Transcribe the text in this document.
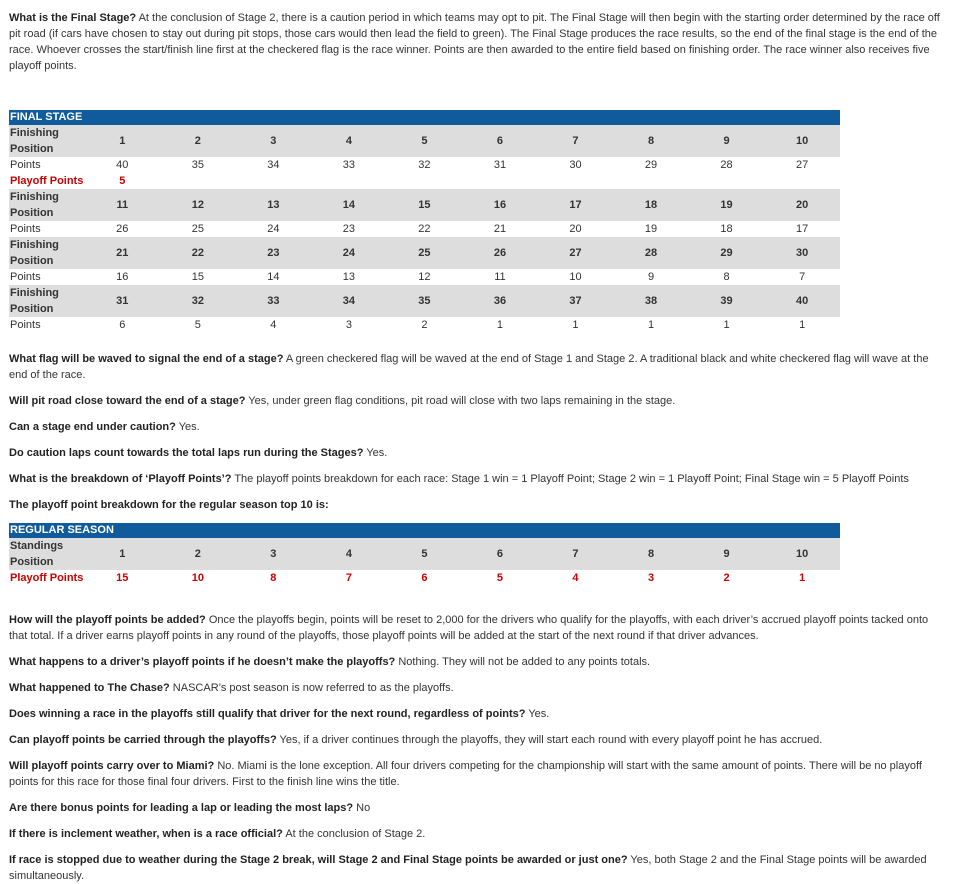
What is the Final Stage? At the conclusion of Stage 2, there is a caution period in which teams may opt to pit. The Final Stage will then begin with the starting order determined by the race off pit road (if cars have chosen to stay out during pit stops, those cars would then lead the field to green). The Final Stage produces the race results, so the end of the final stage is the end of the race. Whoever crosses the start/finish line first at the checkered flag is the race winner. Points are then awarded to the entire field based on finishing order. The race winner also receives five playoff points.

FINAL STAGE										
Finishing Position	1	2	3	4	5	6	7	8	9	10
Points	40	35	34	33	32	31	30	29	28	27
Playoff Points	5									
Finishing Position	11	12	13	14	15	16	17	18	19	20
Points	26	25	24	23	22	21	20	19	18	17
Finishing Position	21	22	23	24	25	26	27	28	29	30
Points	16	15	14	13	12	11	10	9	8	7
Finishing Position	31	32	33	34	35	36	37	38	39	40
Points	6	5	4	3	2	1	1	1	1	1

What flag will be waved to signal the end of a stage? A green checkered flag will be waved at the end of Stage 1 and Stage 2. A traditional black and white checkered flag will wave at the end of the race.

Will pit road close toward the end of a stage? Yes, under green flag conditions, pit road will close with two laps remaining in the stage.

Can a stage end under caution? Yes.

Do caution laps count towards the total laps run during the Stages? Yes.

What is the breakdown of ‘Playoff Points’? The playoff points breakdown for each race: Stage 1 win = 1 Playoff Point; Stage 2 win = 1 Playoff Point; Final Stage win = 5 Playoff Points

The playoff point breakdown for the regular season top 10 is:

REGULAR SEASON										
Standings Position	1	2	3	4	5	6	7	8	9	10
Playoff Points	15	10	8	7	6	5	4	3	2	1

How will the playoff points be added? Once the playoffs begin, points will be reset to 2,000 for the drivers who qualify for the playoffs, with each driver’s accrued playoff points tacked onto that total. If a driver earns playoff points in any round of the playoffs, those playoff points will be added at the start of the next round if that driver advances.

What happens to a driver’s playoff points if he doesn’t make the playoffs? Nothing. They will not be added to any points totals.

What happened to The Chase? NASCAR’s post season is now referred to as the playoffs.

Does winning a race in the playoffs still qualify that driver for the next round, regardless of points? Yes.

Can playoff points be carried through the playoffs? Yes, if a driver continues through the playoffs, they will start each round with every playoff point he has accrued.

Will playoff points carry over to Miami? No. Miami is the lone exception. All four drivers competing for the championship will start with the same amount of points. There will be no playoff points for this race for those final four drivers. First to the finish line wins the title.

Are there bonus points for leading a lap or leading the most laps? No

If there is inclement weather, when is a race official? At the conclusion of Stage 2.

If race is stopped due to weather during the Stage 2 break, will Stage 2 and Final Stage points be awarded or just one? Yes, both Stage 2 and the Final Stage points will be awarded simultaneously.
